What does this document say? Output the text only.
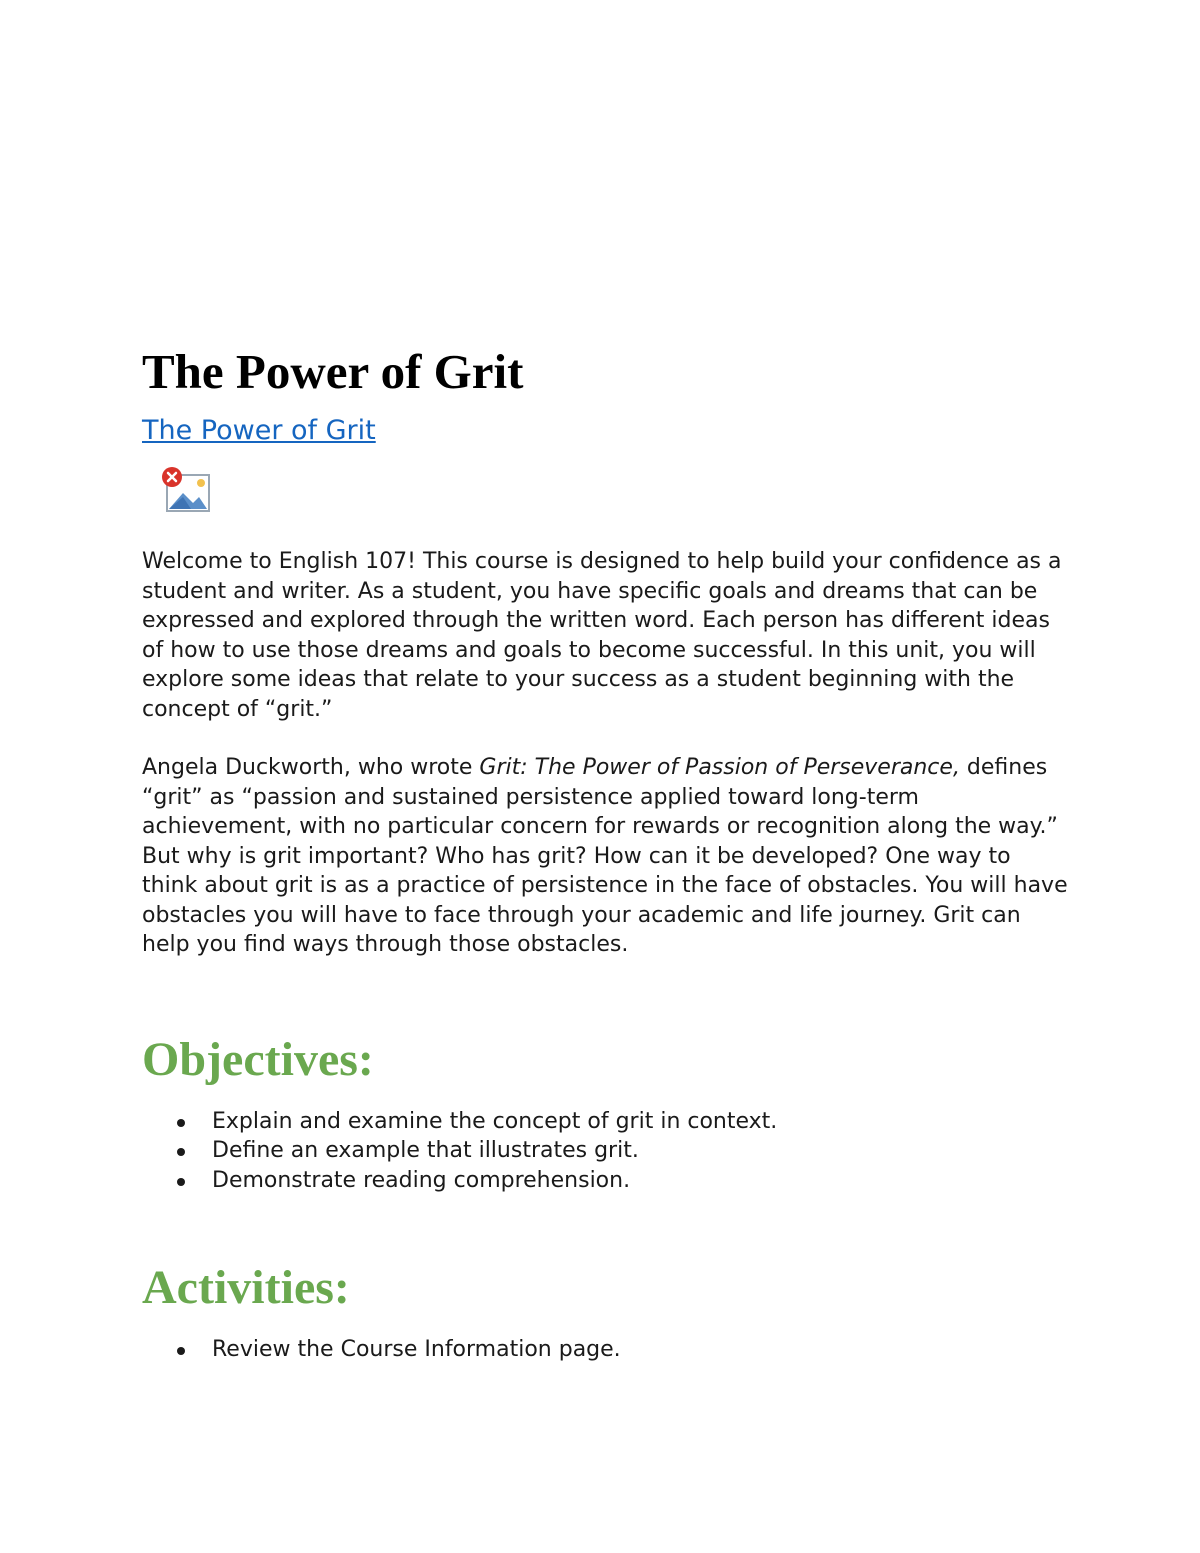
The Power of Grit
The Power of Grit

Welcome to English 107! This course is designed to help build your confidence as a student and writer. As a student, you have specific goals and dreams that can be expressed and explored through the written word. Each person has different ideas of how to use those dreams and goals to become successful. In this unit, you will explore some ideas that relate to your success as a student beginning with the concept of “grit.”

Angela Duckworth, who wrote Grit: The Power of Passion of Perseverance, defines “grit” as “passion and sustained persistence applied toward long-term achievement, with no particular concern for rewards or recognition along the way.” But why is grit important? Who has grit? How can it be developed? One way to think about grit is as a practice of persistence in the face of obstacles. You will have obstacles you will have to face through your academic and life journey. Grit can help you find ways through those obstacles.

Objectives:
Explain and examine the concept of grit in context.
Define an example that illustrates grit.
Demonstrate reading comprehension.
Activities:
Review the Course Information page.
